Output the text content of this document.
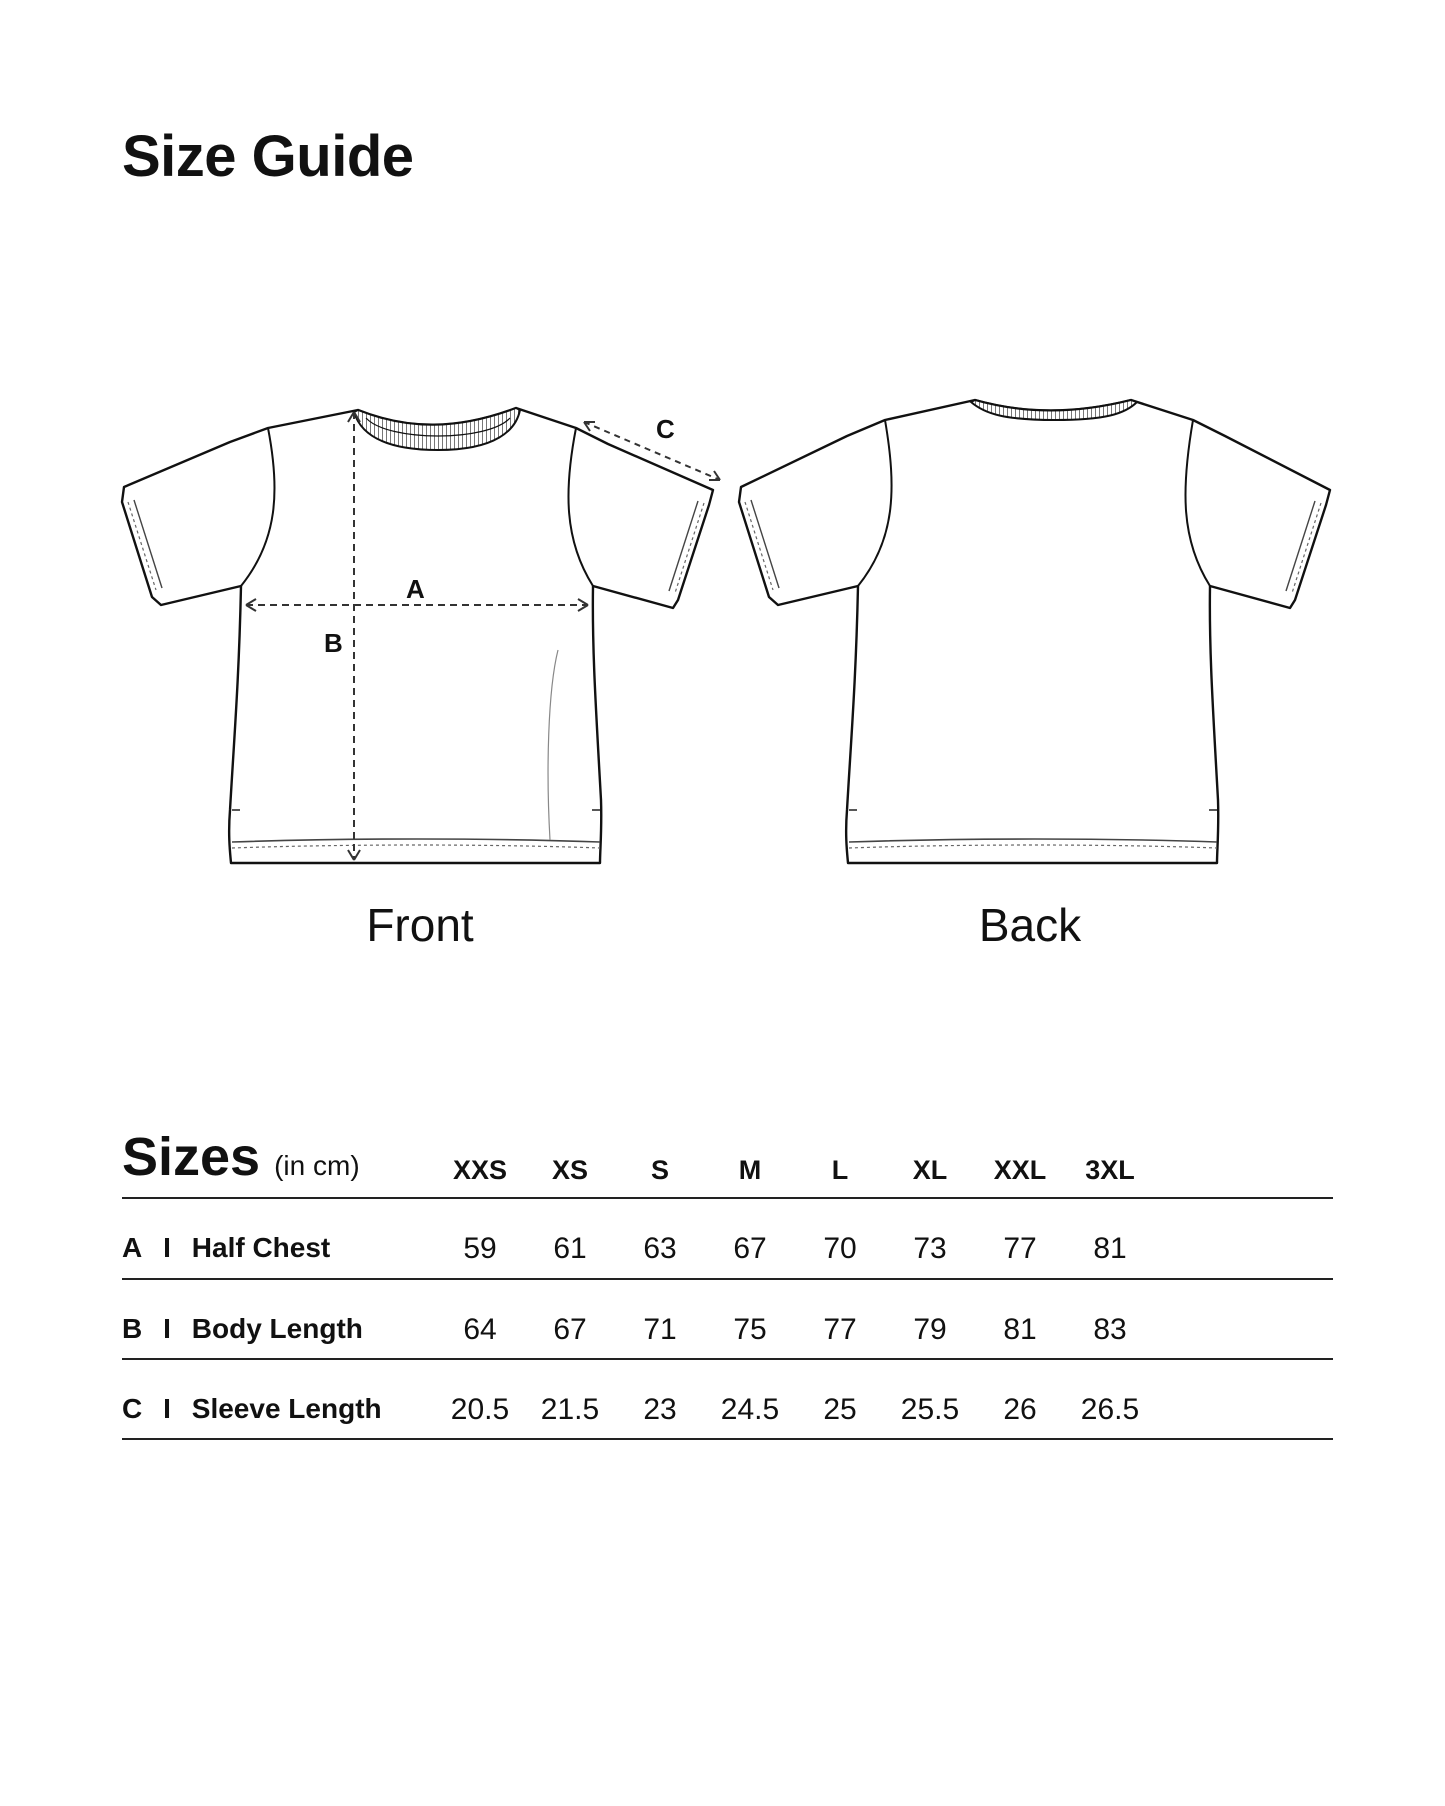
Size Guide
A
B
C
Front	Back
Sizes (in cm)	XXS	XS	S	M	L	XL	XXL	3XL
A I Half Chest	59	61	63	67	70	73	77	81
B I Body Length	64	67	71	75	77	79	81	83
C I Sleeve Length	20.5	21.5	23	24.5	25	25.5	26	26.5
